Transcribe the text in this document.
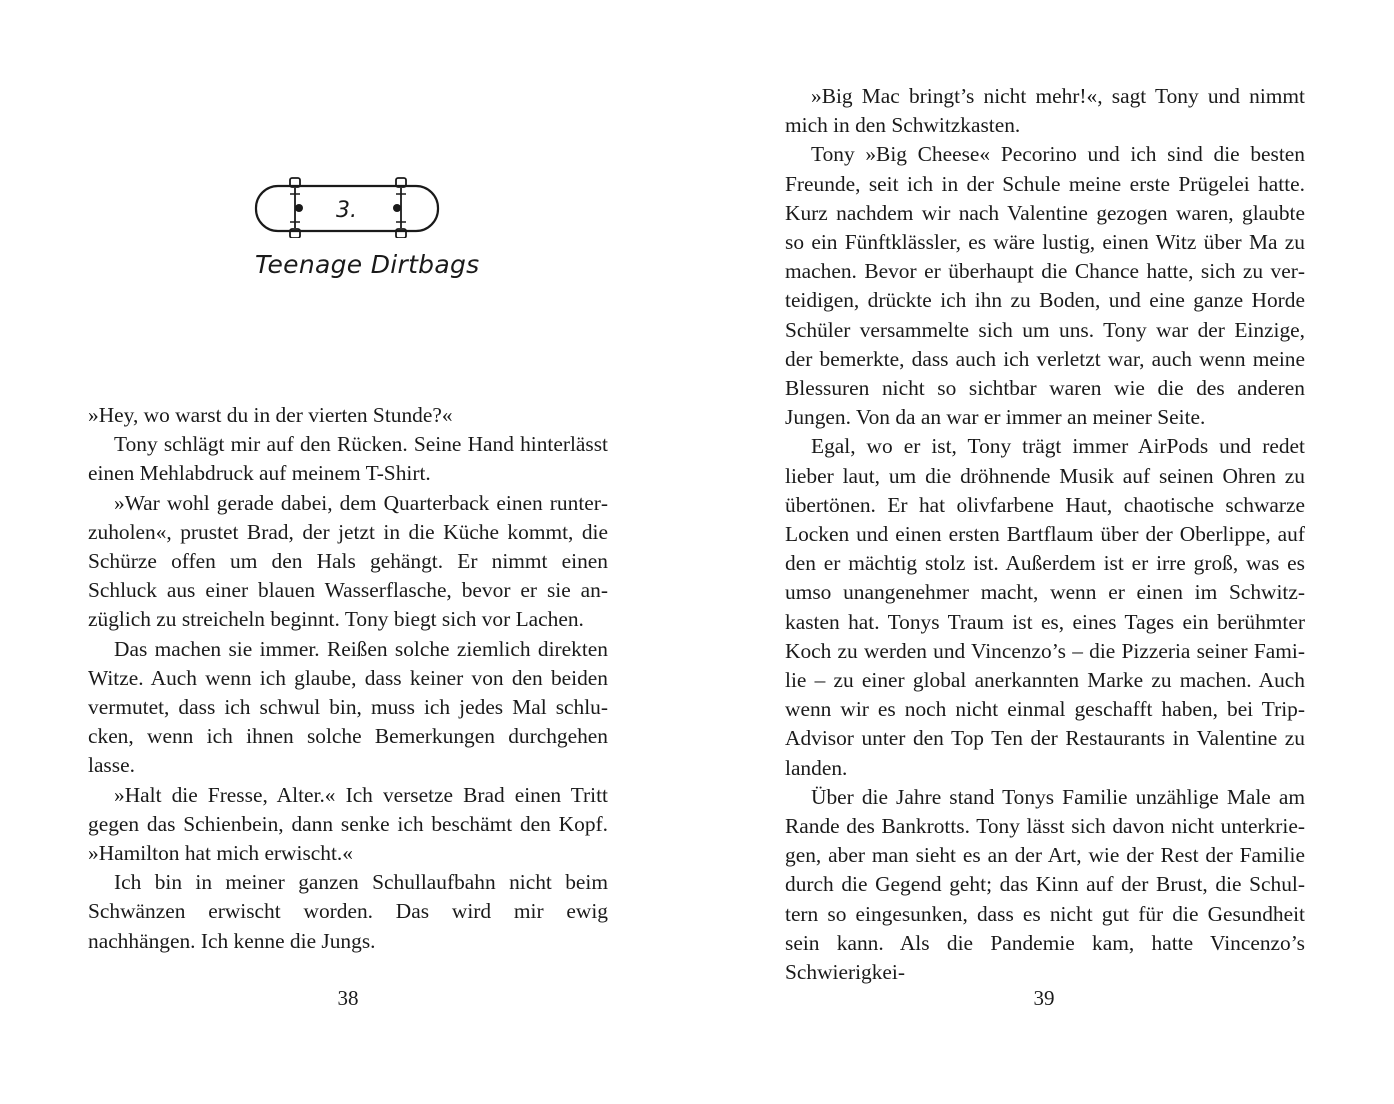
3.
Teenage Dirtbags

»Hey, wo warst du in der vierten Stunde?«

Tony schlägt mir auf den Rücken. Seine Hand hinterlässt einen Mehlabdruck auf meinem T-Shirt.

»War wohl gerade dabei, dem Quarterback einen runterzuholen«, prustet Brad, der jetzt in die Küche kommt, die Schürze offen um den Hals gehängt. Er nimmt einen Schluck aus einer blauen Wasserflasche, bevor er sie anzüglich zu streicheln beginnt. Tony biegt sich vor Lachen.

Das machen sie immer. Reißen solche ziemlich direkten Witze. Auch wenn ich glaube, dass keiner von den beiden vermutet, dass ich schwul bin, muss ich jedes Mal schlucken, wenn ich ihnen solche Bemerkungen durchgehen lasse.

»Halt die Fresse, Alter.« Ich versetze Brad einen Tritt gegen das Schienbein, dann senke ich beschämt den Kopf. »Hamilton hat mich erwischt.«

Ich bin in meiner ganzen Schullaufbahn nicht beim Schwänzen erwischt worden. Das wird mir ewig nachhängen. Ich kenne die Jungs.

38

»Big Mac bringt’s nicht mehr!«, sagt Tony und nimmt mich in den Schwitzkasten.

Tony »Big Cheese« Pecorino und ich sind die besten Freunde, seit ich in der Schule meine erste Prügelei hatte. Kurz nachdem wir nach Valentine gezogen waren, glaubte so ein Fünftklässler, es wäre lustig, einen Witz über Ma zu machen. Bevor er überhaupt die Chance hatte, sich zu verteidigen, drückte ich ihn zu Boden, und eine ganze Horde Schüler versammelte sich um uns. Tony war der Einzige, der bemerkte, dass auch ich verletzt war, auch wenn meine Blessuren nicht so sichtbar waren wie die des anderen Jungen. Von da an war er immer an meiner Seite.

Egal, wo er ist, Tony trägt immer AirPods und redet lieber laut, um die dröhnende Musik auf seinen Ohren zu übertönen. Er hat olivfarbene Haut, chaotische schwarze Locken und einen ersten Bartflaum über der Oberlippe, auf den er mächtig stolz ist. Außerdem ist er irre groß, was es umso unangenehmer macht, wenn er einen im Schwitzkasten hat. Tonys Traum ist es, eines Tages ein berühmter Koch zu werden und Vincenzo’s – die Pizzeria seiner Familie – zu einer global anerkannten Marke zu machen. Auch wenn wir es noch nicht einmal geschafft haben, bei TripAdvisor unter den Top Ten der Restaurants in Valentine zu landen.

Über die Jahre stand Tonys Familie unzählige Male am Rande des Bankrotts. Tony lässt sich davon nicht unterkriegen, aber man sieht es an der Art, wie der Rest der Familie durch die Gegend geht; das Kinn auf der Brust, die Schultern so eingesunken, dass es nicht gut für die Gesundheit sein kann. Als die Pandemie kam, hatte Vincenzo’s Schwierigkei-

39
